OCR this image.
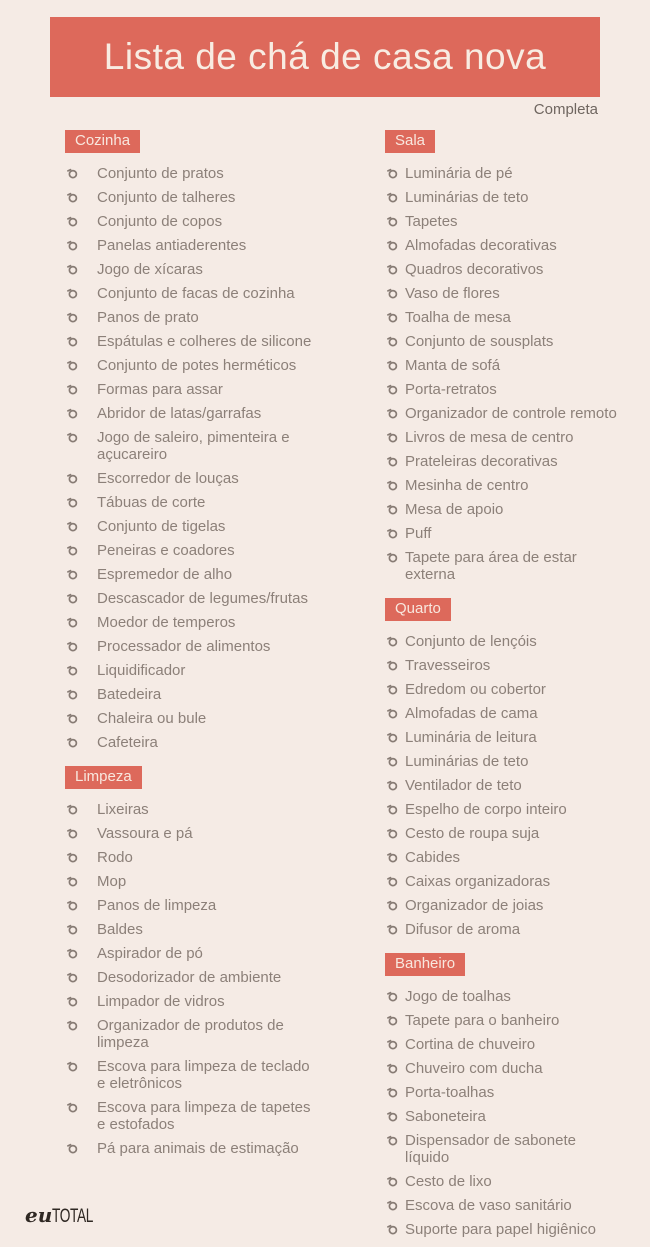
Lista de chá de casa nova
Completa
Cozinha
Conjunto de pratos
Conjunto de talheres
Conjunto de copos
Panelas antiaderentes
Jogo de xícaras
Conjunto de facas de cozinha
Panos de prato
Espátulas e colheres de silicone
Conjunto de potes herméticos
Formas para assar
Abridor de latas/garrafas
Jogo de saleiro, pimenteira e açucareiro
Escorredor de louças
Tábuas de corte
Conjunto de tigelas
Peneiras e coadores
Espremedor de alho
Descascador de legumes/frutas
Moedor de temperos
Processador de alimentos
Liquidificador
Batedeira
Chaleira ou bule
Cafeteira
Limpeza
Lixeiras
Vassoura e pá
Rodo
Mop
Panos de limpeza
Baldes
Aspirador de pó
Desodorizador de ambiente
Limpador de vidros
Organizador de produtos de limpeza
Escova para limpeza de teclado e eletrônicos
Escova para limpeza de tapetes e estofados
Pá para animais de estimação
Sala
Luminária de pé
Luminárias de teto
Tapetes
Almofadas decorativas
Quadros decorativos
Vaso de flores
Toalha de mesa
Conjunto de sousplats
Manta de sofá
Porta-retratos
Organizador de controle remoto
Livros de mesa de centro
Prateleiras decorativas
Mesinha de centro
Mesa de apoio
Puff
Tapete para área de estar externa
Quarto
Conjunto de lençóis
Travesseiros
Edredom ou cobertor
Almofadas de cama
Luminária de leitura
Luminárias de teto
Ventilador de teto
Espelho de corpo inteiro
Cesto de roupa suja
Cabides
Caixas organizadoras
Organizador de joias
Difusor de aroma
Banheiro
Jogo de toalhas
Tapete para o banheiro
Cortina de chuveiro
Chuveiro com ducha
Porta-toalhas
Saboneteira
Dispensador de sabonete líquido
Cesto de lixo
Escova de vaso sanitário
Suporte para papel higiênico
euTOTAL
